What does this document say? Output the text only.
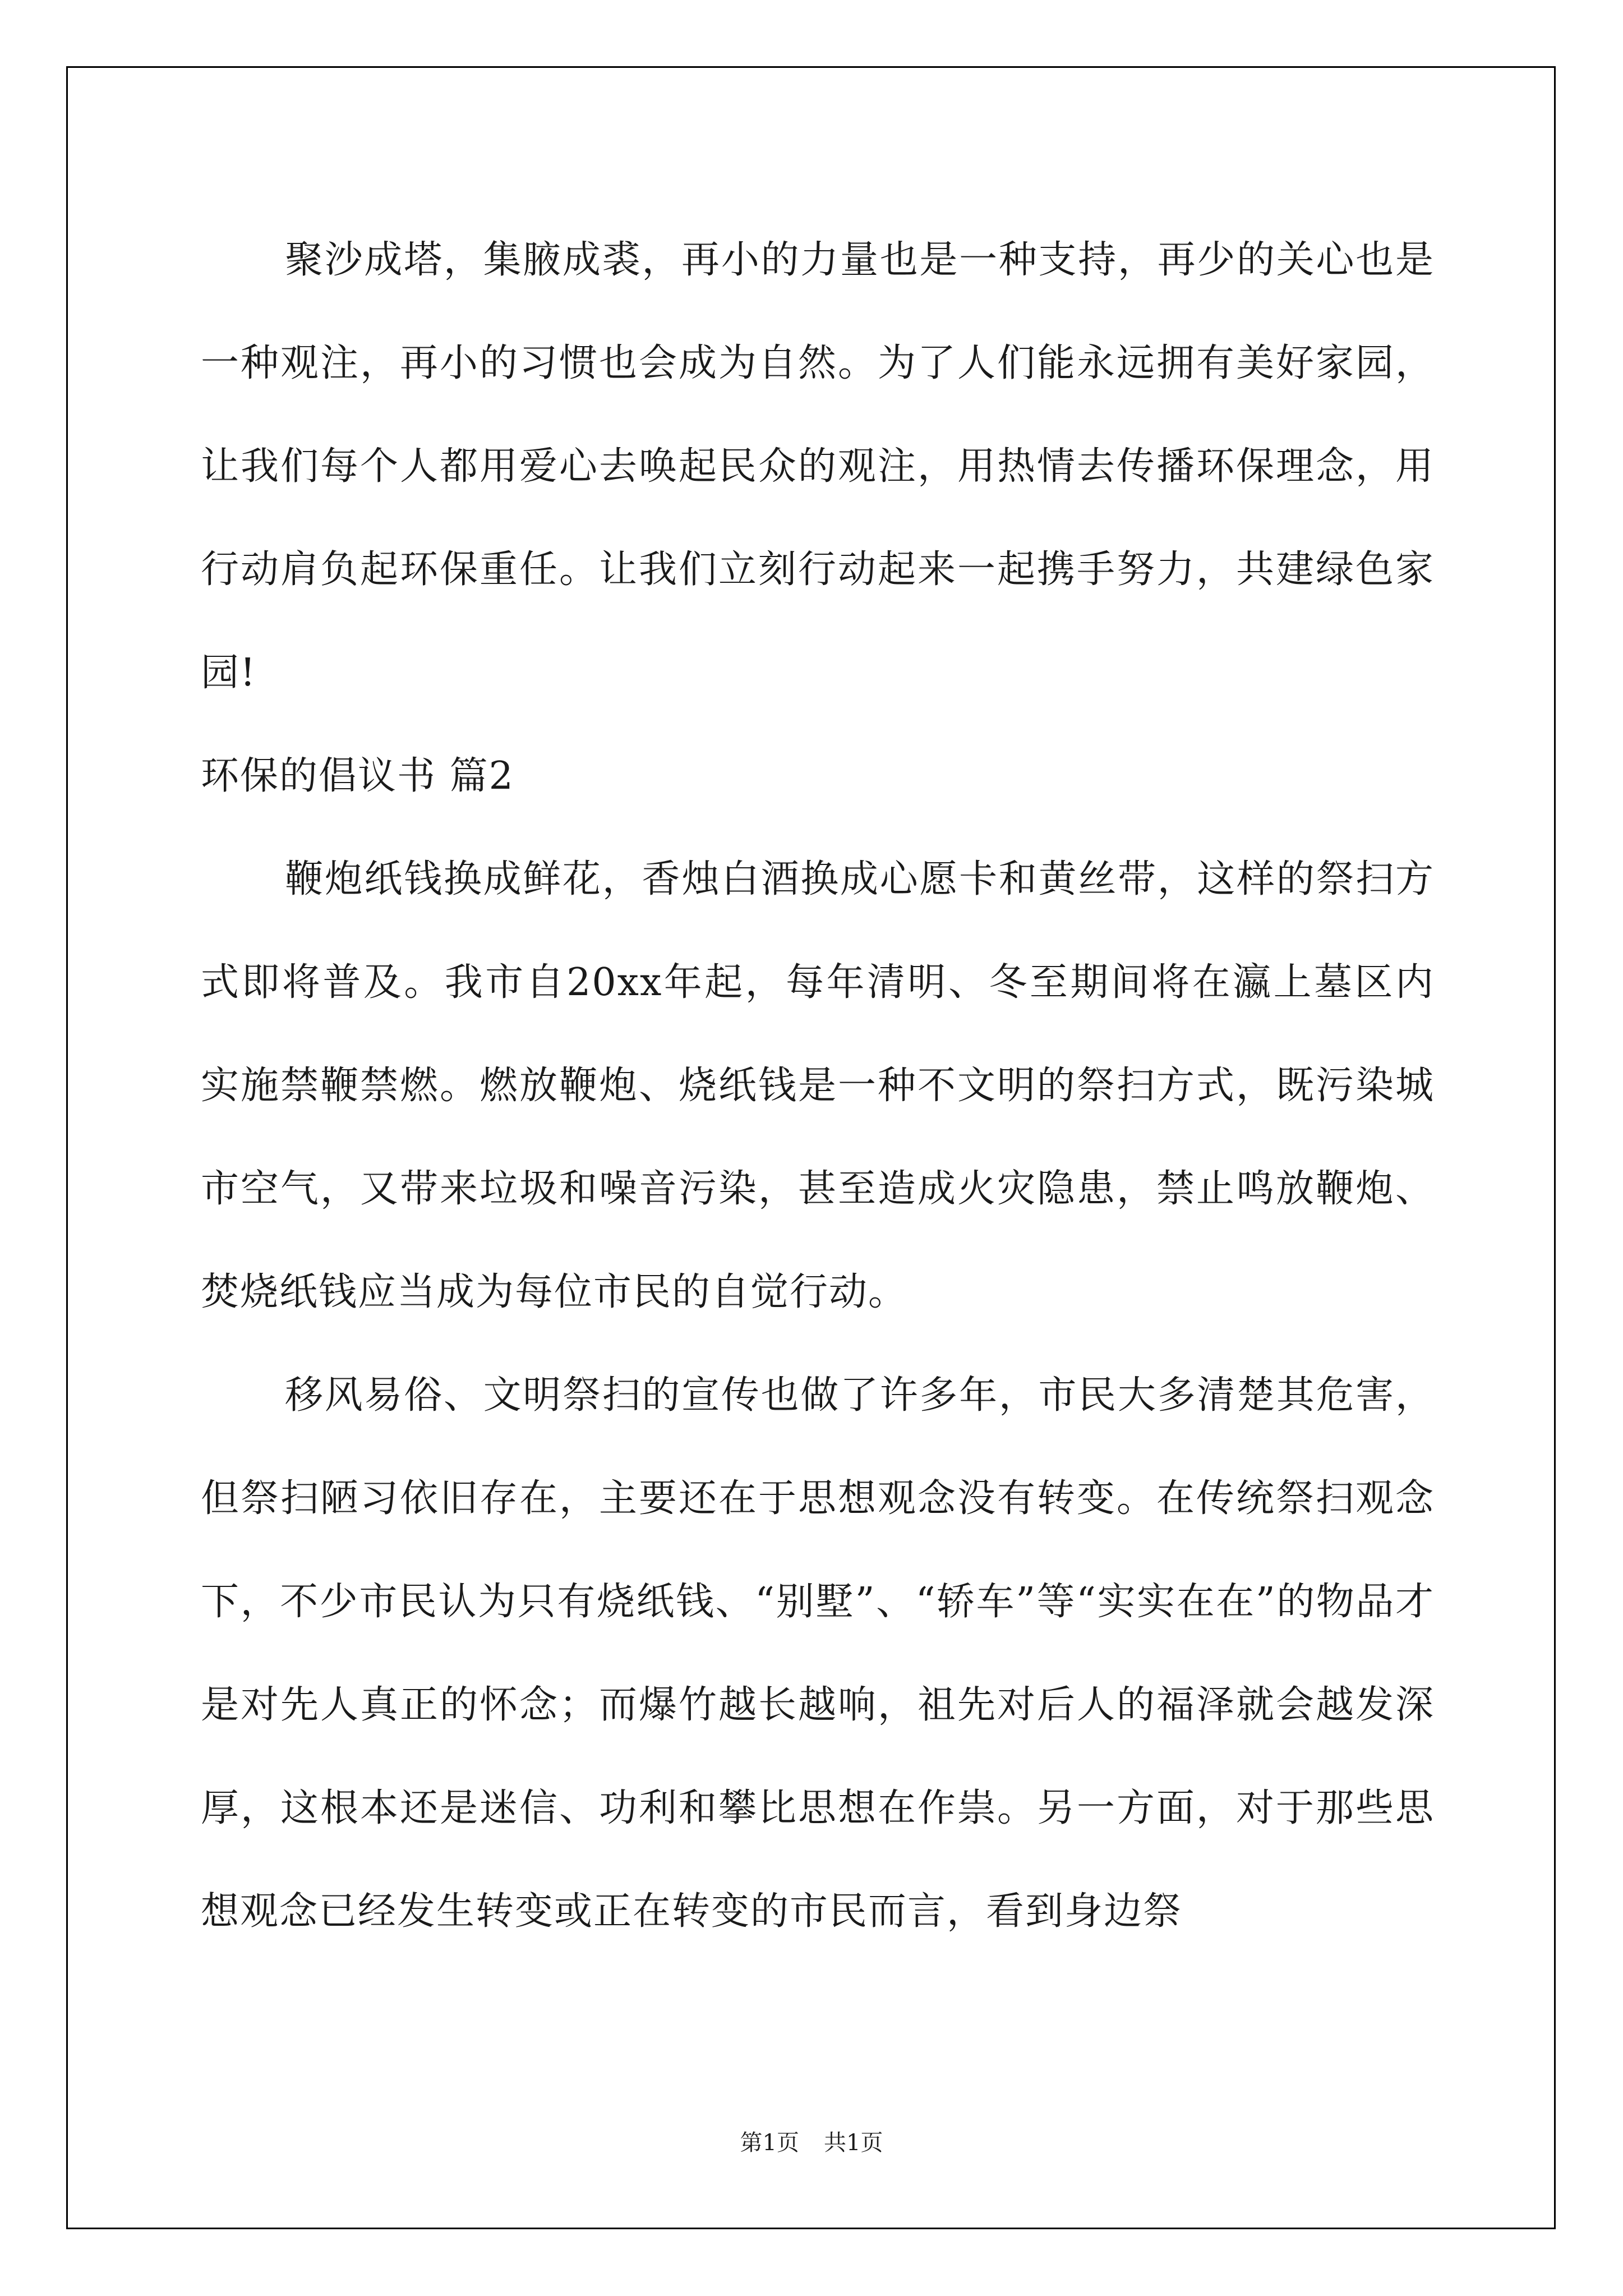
聚沙成塔，集腋成裘，再小的力量也是一种支持，再少的关心也是一种观注，再小的习惯也会成为自然。为了人们能永远拥有美好家园，让我们每个人都用爱心去唤起民众的观注，用热情去传播环保理念，用行动肩负起环保重任。让我们立刻行动起来一起携手努力，共建绿色家园!

环保的倡议书 篇2

鞭炮纸钱换成鲜花，香烛白酒换成心愿卡和黄丝带，这样的祭扫方式即将普及。我市自20xx年起，每年清明、冬至期间将在瀛上墓区内实施禁鞭禁燃。燃放鞭炮、烧纸钱是一种不文明的祭扫方式，既污染城市空气，又带来垃圾和噪音污染，甚至造成火灾隐患，禁止鸣放鞭炮、焚烧纸钱应当成为每位市民的自觉行动。

移风易俗、文明祭扫的宣传也做了许多年，市民大多清楚其危害，但祭扫陋习依旧存在，主要还在于思想观念没有转变。在传统祭扫观念下，不少市民认为只有烧纸钱、“别墅”、“轿车”等“实实在在”的物品才是对先人真正的怀念；而爆竹越长越响，祖先对后人的福泽就会越发深厚，这根本还是迷信、功利和攀比思想在作祟。另一方面，对于那些思想观念已经发生转变或正在转变的市民而言，看到身边祭

第1页 共1页
